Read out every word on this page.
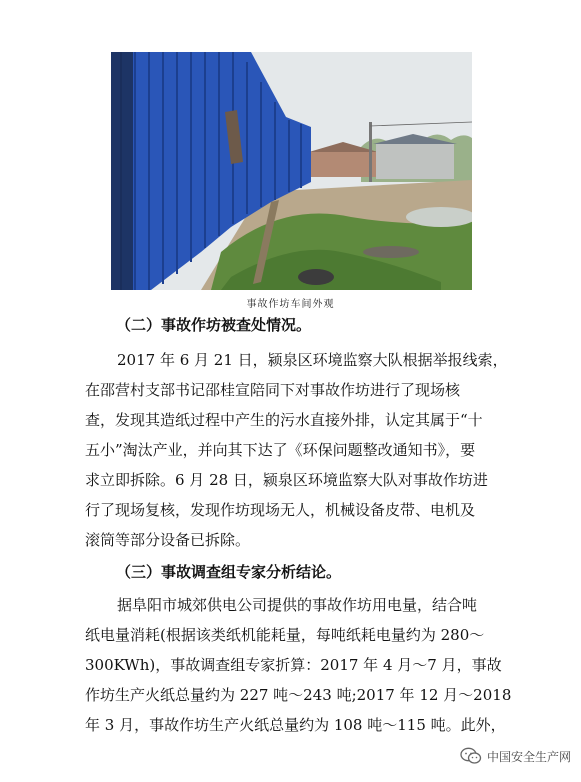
事故作坊车间外观
（二）事故作坊被查处情况。
2017 年 6 月 21 日，颍泉区环境监察大队根据举报线索，
在邵营村支部书记邵桂宣陪同下对事故作坊进行了现场核
查，发现其造纸过程中产生的污水直接外排，认定其属于“十
五小”淘汰产业，并向其下达了《环保问题整改通知书》，要
求立即拆除。6 月 28 日，颍泉区环境监察大队对事故作坊进
行了现场复核，发现作坊现场无人，机械设备皮带、电机及
滚筒等部分设备已拆除。
（三）事故调查组专家分析结论。
据阜阳市城郊供电公司提供的事故作坊用电量，结合吨
纸电量消耗(根据该类纸机能耗量，每吨纸耗电量约为 280～
300KWh)，事故调查组专家折算：2017 年 4 月～7 月，事故
作坊生产火纸总量约为 227 吨～243 吨;2017 年 12 月～2018
年 3 月，事故作坊生产火纸总量约为 108 吨～115 吨。此外，
中国安全生产网
